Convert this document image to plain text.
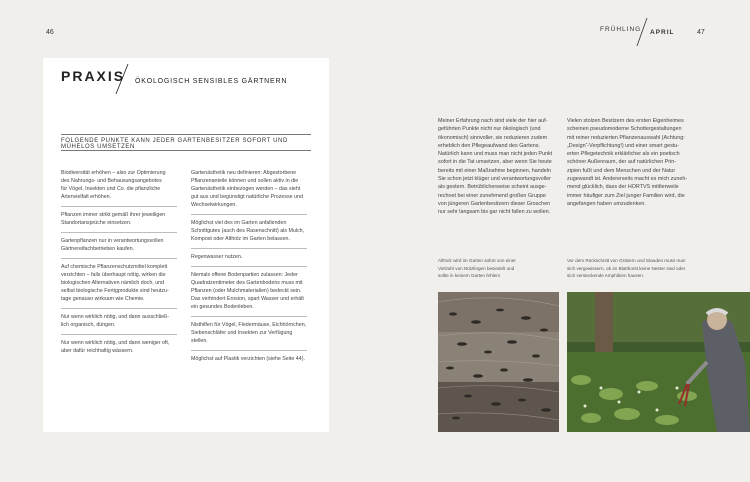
46	47
FRÜHLING APRIL
PRAXIS ÖKOLOGISCH SENSIBLES GÄRTNERN
FOLGENDE PUNKTE KANN JEDER GARTENBESITZER SOFORT UND MÜHELOS UMSETZEN
Biodiversität erhöhen – also zur Optimierung
des Nahrungs- und Behausungsangebotes
für Vögel, Insekten und Co. die pflanzliche
Artenvielfalt erhöhen.
Pflanzen immer strikt gemäß ihrer jeweiligen
Standortansprüche einsetzen.
Gartenpflanzen nur in verantwortungsvollen
Gärtnereifachbetrieben kaufen.
Auf chemische Pflanzenschutzmittel komplett
verzichten – falls überhaupt nötig, wirken die
biologischen Alternativen nämlich doch, und
selbst biologische Fertigprodukte sind heutzu-
tage genauso wirksam wie Chemie.
Nur wenn wirklich nötig, und dann ausschließ-
lich organisch, düngen.
Nur wenn wirklich nötig, und dann weniger oft,
aber dafür reichhaltig wässern.
Gartenästhetik neu definieren: Abgestorbene
Pflanzenanteile können und sollen aktiv in die
Gartenästhetik einbezogen werden – das sieht
gut aus und begünstigt natürliche Prozesse und
Wechselwirkungen.
Möglichst viel des im Garten anfallenden
Schnittgutes (auch des Rasenschnitt) als Mulch,
Kompost oder Altholz im Garten belassen.
Regenwasser nutzen.
Niemals offene Bodenpartien zulassen: Jeder
Quadratzentimeter des Gartenbodens muss mit
Pflanzen (oder Mulchmaterialien) bedeckt sein.
Das verhindert Erosion, spart Wasser und erhält
ein gesundes Bodenleben.
Nisthilfen für Vögel, Fledermäuse, Eichhörnchen,
Siebenschläfer und Insekten zur Verfügung stellen.
Möglichst auf Plastik verzichten (siehe Seite 44).
Meiner Erfahrung nach sind viele der hier auf-
geführten Punkte nicht nur ökologisch (und
ökonomisch) sinnvoller, sie reduzieren zudem
erheblich den Pflegeaufwand des Gartens.
Natürlich kann und muss man nicht jeden Punkt
sofort in die Tat umsetzen, aber wenn Sie heute
bereits mit einer Maßnahme beginnen, handeln
Sie schon jetzt klüger und verantwortungsvoller
als gestern. Betrüblicherweise scheint ausge-
rechnet bei einer zunehmend großen Gruppe
von jüngeren Gartenbesitzern dieser Groschen
nur sehr langsam bis gar nicht fallen zu wollen.
Vielen stolzen Besitzern des ersten Eigenheimes
scheinen pseudomoderne Schottergestaltungen
mit reiner reduzierten Pflanzenauswahl (Achtung:
„Design“-Verpflichtung!) und einer smart gestu-
erten Pflegetechnik erklärlicher als ein poetisch
schöner Außenraum, der auf natürlichen Prin-
zipien fußt und dem Menschen und der Natur
zugewandt ist. Andererseits macht es mich zuneh-
mend glücklich, dass der HORTVS mittlerweile
immer häufiger zum Ziel junger Familien wird, die
angefangen haben umzudenken.
Altholz wird im Garten sofort von einer
Vielzahl von Nützlingen besiedelt und
sollte in keinem Garten fehlen!
Vor dem Rückschnitt von Gräsern und Stauden muss man
sich vergewissern, ob im Blatthorst keine Nester sind oder
sich versteckende Amphibien hausen.
